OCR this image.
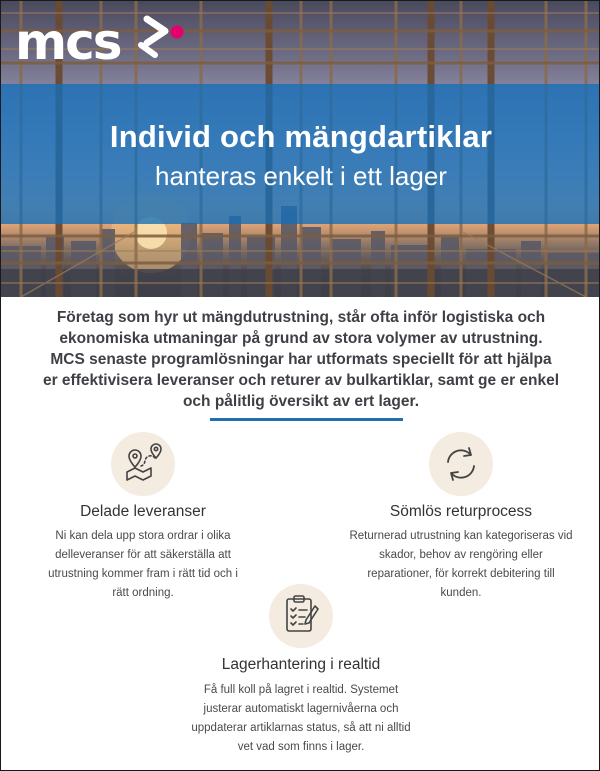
Individ och mängdartiklar
hanteras enkelt i ett lager
mcs
Företag som hyr ut mängdutrustning, står ofta inför logistiska och ekonomiska utmaningar på grund av stora volymer av utrustning. MCS senaste programlösningar har utformats speciellt för att hjälpa er effektivisera leveranser och returer av bulkartiklar, samt ge er enkel och pålitlig översikt av ert lager.
Delade leveranser
Ni kan dela upp stora ordrar i olika delleveranser för att säkerställa att utrustning kommer fram i rätt tid och i rätt ordning.
Sömlös returprocess
Returnerad utrustning kan kategoriseras vid skador, behov av rengöring eller reparationer, för korrekt debitering till kunden.
Lagerhantering i realtid
Få full koll på lagret i realtid. Systemet justerar automatiskt lagernivåerna och uppdaterar artiklarnas status, så att ni alltid vet vad som finns i lager.
